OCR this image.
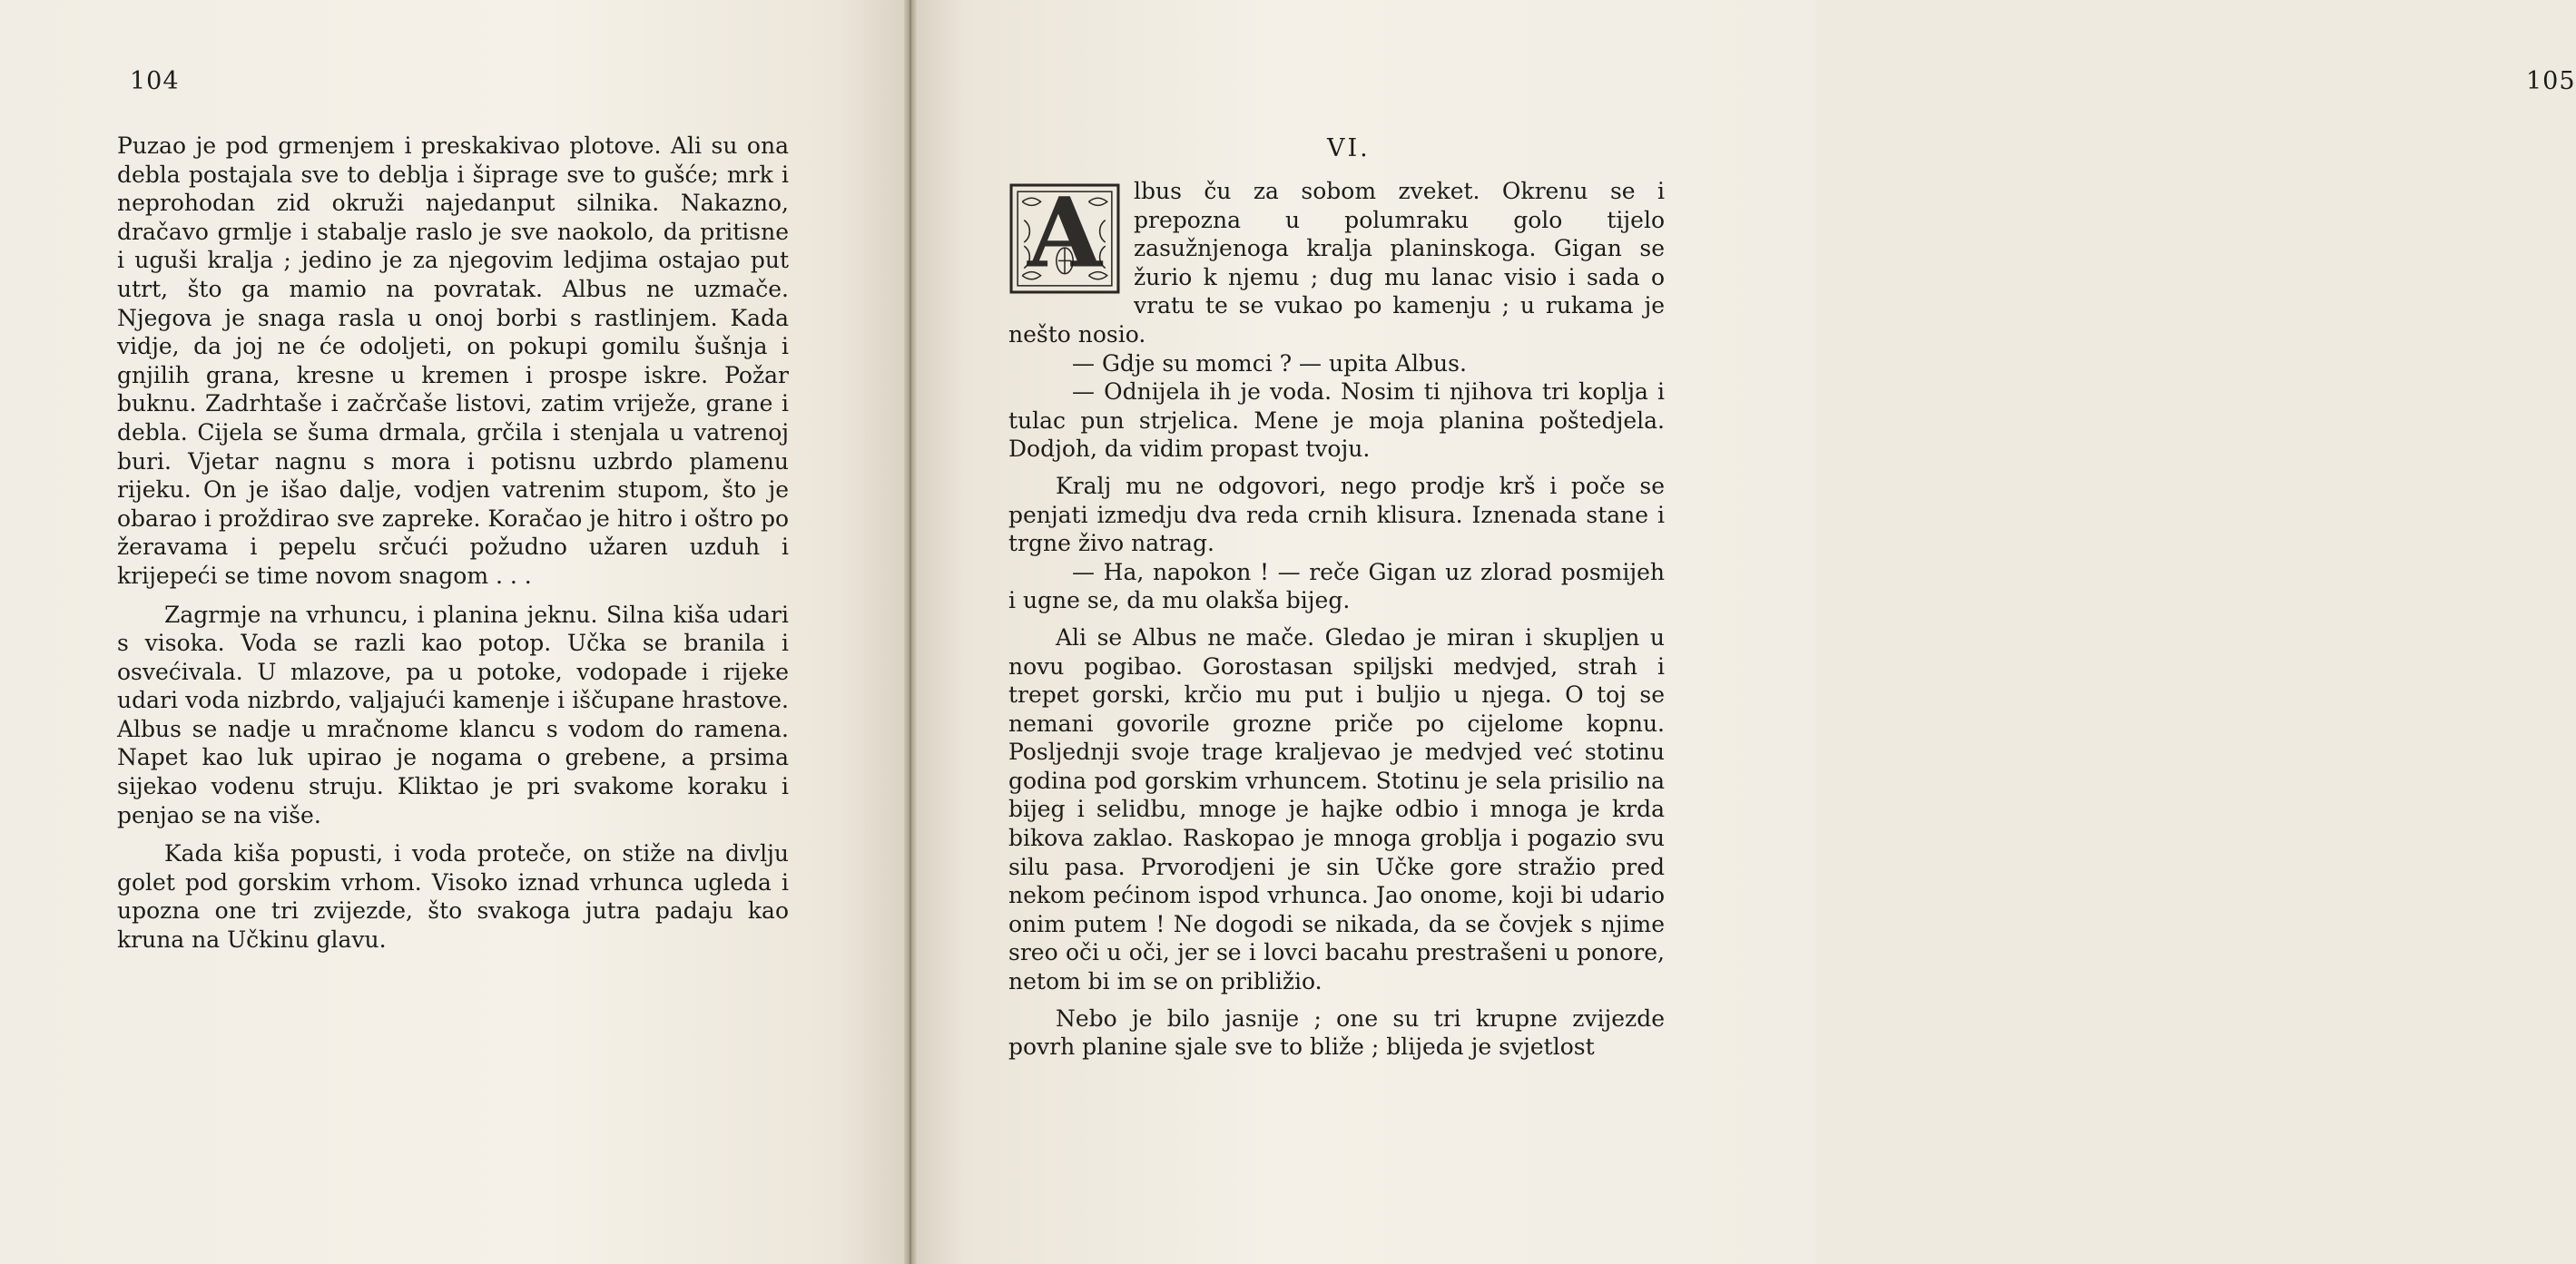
104

Puzao je pod grmenjem i preskakivao plotove. Ali su ona debla postajala sve to deblja i šiprage sve to gušće; mrk i neprohodan zid okruži najedanput silnika. Nakazno, dračavo grmlje i stabalje raslo je sve naokolo, da pritisne i uguši kralja ; jedino je za njegovim ledjima ostajao put utrt, što ga mamio na povratak. Albus ne uzmače. Njegova je snaga rasla u onoj borbi s rastlinjem. Kada vidje, da joj ne će odoljeti, on pokupi gomilu šušnja i gnjilih grana, kresne u kremen i prospe iskre. Požar buknu. Zadrhtaše i začrčaše listovi, zatim vriježe, grane i debla. Cijela se šuma drmala, grčila i stenjala u vatrenoj buri. Vjetar nagnu s mora i potisnu uzbrdo plamenu rijeku. On je išao dalje, vodjen vatrenim stupom, što je obarao i proždirao sve zapreke. Koračao je hitro i oštro po žeravama i pepelu srčući požudno užaren uzduh i krijepeći se time novom snagom . . .

Zagrmje na vrhuncu, i planina jeknu. Silna kiša udari s visoka. Voda se razli kao potop. Učka se branila i osvećivala. U mlazove, pa u potoke, vodopade i rijeke udari voda nizbrdo, valjajući kamenje i iščupane hrastove. Albus se nadje u mračnome klancu s vodom do ramena. Napet kao luk upirao je nogama o grebene, a prsima sijekao vodenu struju. Kliktao je pri svakome koraku i penjao se na više.

Kada kiša popusti, i voda proteče, on stiže na divlju golet pod gorskim vrhom. Visoko iznad vrhunca ugleda i upozna one tri zvijezde, što svakoga jutra padaju kao kruna na Učkinu glavu.

105
VI.
A	lbus ču za sobom zveket. Okrenu se i prepozna u polumraku golo tijelo zasužnjenoga kralja planinskoga. Gigan se žurio k njemu ; dug mu lanac visio i sada o vratu te se vukao po kamenju ; u rukama je nešto nosio.

— Gdje su momci ? — upita Albus.

— Odnijela ih je voda. Nosim ti njihova tri koplja i tulac pun strjelica. Mene je moja planina poštedjela. Dodjoh, da vidim propast tvoju.

Kralj mu ne odgovori, nego prodje krš i poče se penjati izmedju dva reda crnih klisura. Iznenada stane i trgne živo natrag.

— Ha, napokon ! — reče Gigan uz zlorad posmijeh i ugne se, da mu olakša bijeg.

Ali se Albus ne mače. Gledao je miran i skupljen u novu pogibao. Gorostasan spiljski medvjed, strah i trepet gorski, krčio mu put i buljio u njega. O toj se nemani govorile grozne priče po cijelome kopnu. Posljednji svoje trage kraljevao je medvjed već stotinu godina pod gorskim vrhuncem. Stotinu je sela prisilio na bijeg i selidbu, mnoge je hajke odbio i mnoga je krda bikova zaklao. Raskopao je mnoga groblja i pogazio svu silu pasa. Prvorodjeni je sin Učke gore stražio pred nekom pećinom ispod vrhunca. Jao onome, koji bi udario onim putem ! Ne dogodi se nikada, da se čovjek s njime sreo oči u oči, jer se i lovci bacahu prestrašeni u ponore, netom bi im se on približio.

Nebo je bilo jasnije ; one su tri krupne zvijezde povrh planine sjale sve to bliže ; blijeda je svjetlost
